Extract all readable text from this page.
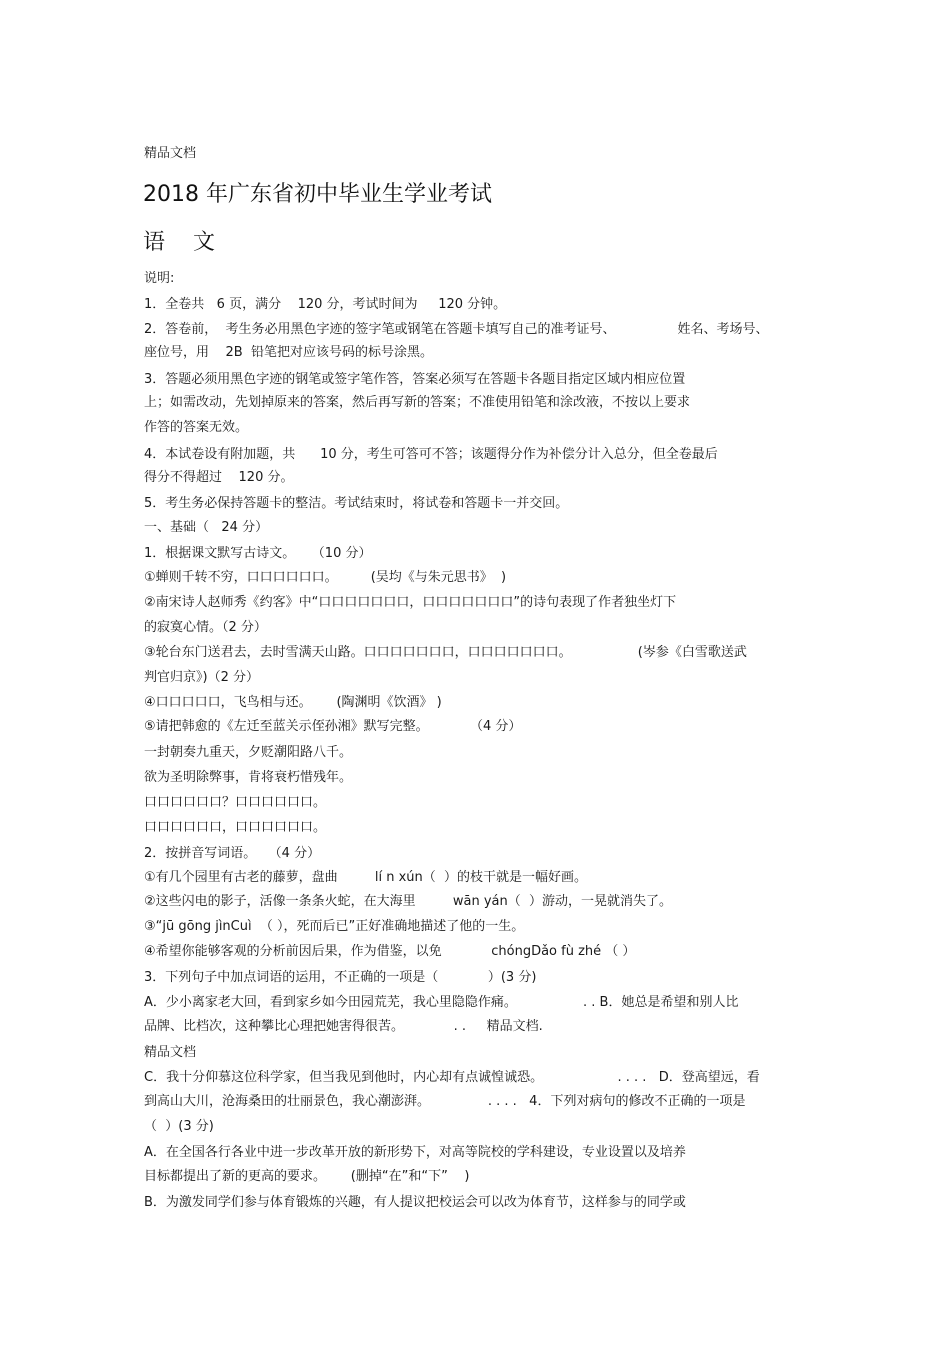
精品文档
2018 年广东省初中毕业生学业考试
语    文
说明:
1．全卷共   6 页，满分    120 分，考试时间为     120 分钟。
2．答卷前，  考生务必用黑色字迹的签字笔或钢笔在答题卡填写自己的准考证号、               姓名、考场号、
座位号，用    2B  铅笔把对应该号码的标号涂黑。
3．答题必须用黑色字迹的钢笔或签字笔作答，答案必须写在答题卡各题目指定区域内相应位置
上；如需改动，先划掉原来的答案，然后再写新的答案；不准使用铅笔和涂改液，不按以上要求
作答的答案无效。
4．本试卷设有附加题，共      10 分，考生可答可不答；该题得分作为补偿分计入总分，但全卷最后
得分不得超过    120 分。
5．考生务必保持答题卡的整洁。考试结束时，将试卷和答题卡一并交回。
一、基础（   24 分）
1．根据课文默写古诗文。    （10 分）
①蝉则千转不穷，口口口口口口。        (吴均《与朱元思书》  )
②南宋诗人赵师秀《约客》中“口口口口口口口，口口口口口口口”的诗句表现了作者独坐灯下
的寂寞心情。（2 分）
③轮台东门送君去，去时雪满天山路。口口口口口口口，口口口口口口口。                (岑参《白雪歌送武
判官归京》)（2 分）
④口口口口口，飞鸟相与还。      (陶渊明《饮酒》 )
⑤请把韩愈的《左迁至蓝关示侄孙湘》默写完整。          （4 分）
一封朝奏九重天，夕贬潮阳路八千。
欲为圣明除弊事，肯将衰朽惜残年。
口口口口口口？口口口口口口。
口口口口口口，口口口口口口。
2．按拼音写词语。   （4 分）
①有几个园里有古老的藤萝，盘曲         lí n xún（  ）的枝干就是一幅好画。
②这些闪电的影子，活像一条条火蛇，在大海里         wān yán（  ）游动，一晃就消失了。
③“jū gōng jìnCuì  （ ），死而后已”正好准确地描述了他的一生。
④希望你能够客观的分析前因后果，作为借鉴，以免            chóngDǎo fù zhé （ ）
3．下列句子中加点词语的运用，不正确的一项是（            ）(3 分)
A．少小离家老大回，看到家乡如今田园荒芜，我心里隐隐作痛。                . . B．她总是希望和别人比
品牌、比档次，这种攀比心理把她害得很苦。            . .     精品文档.
精品文档
C．我十分仰慕这位科学家，但当我见到他时，内心却有点诚惶诚恐。                  . . . .   D．登高望远，看
到高山大川，沧海桑田的壮丽景色，我心潮澎湃。              . . . .   4．下列对病句的修改不正确的一项是
（  ）(3 分)
A．在全国各行各业中进一步改革开放的新形势下，对高等院校的学科建设，专业设置以及培养
目标都提出了新的更高的要求。      (删掉“在”和“下”    )
B．为激发同学们参与体育锻炼的兴趣，有人提议把校运会可以改为体育节，这样参与的同学或
